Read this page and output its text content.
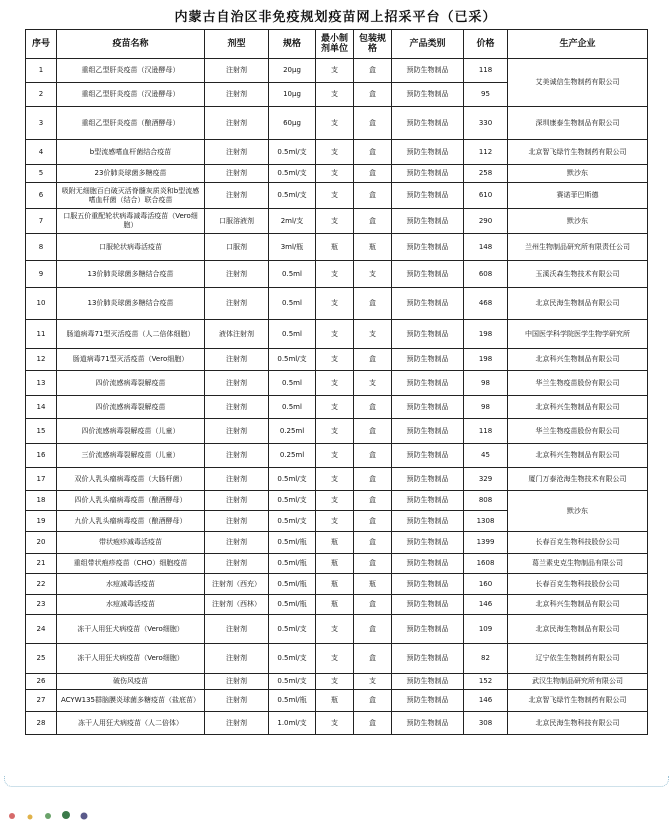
内蒙古自治区非免疫规划疫苗网上招采平台（已采）
序号	疫苗名称	剂型	规格	最小制剂单位	包装规格	产品类别	价格	生产企业
1	重组乙型肝炎疫苗（汉逊酵母）	注射剂	20μg	支	盒	预防生物制品	118	艾美诚信生物制药有限公司
2	重组乙型肝炎疫苗（汉逊酵母）	注射剂	10μg	支	盒	预防生物制品	95	
3	重组乙型肝炎疫苗（酿酒酵母）	注射剂	60μg	支	盒	预防生物制品	330	深圳康泰生物制品有限公司
4	b型流感嗜血杆菌结合疫苗	注射剂	0.5ml/支	支	盒	预防生物制品	112	北京智飞绿竹生物制药有限公司
5	23价肺炎球菌多糖疫苗	注射剂	0.5ml/支	支	盒	预防生物制品	258	默沙东
6	吸附无细胞百白破灭活脊髓灰质炎和b型流感嗜血杆菌（结合）联合疫苗	注射剂	0.5ml/支	支	盒	预防生物制品	610	赛诺菲巴斯德
7	口服五价重配轮状病毒减毒活疫苗（Vero细胞）	口服溶液剂	2ml/支	支	盒	预防生物制品	290	默沙东
8	口服轮状病毒活疫苗	口服剂	3ml/瓶	瓶	瓶	预防生物制品	148	兰州生物制品研究所有限责任公司
9	13价肺炎球菌多糖结合疫苗	注射剂	0.5ml	支	支	预防生物制品	608	玉溪沃森生物技术有限公司
10	13价肺炎球菌多糖结合疫苗	注射剂	0.5ml	支	盒	预防生物制品	468	北京民海生物制品有限公司
11	肠道病毒71型灭活疫苗（人二倍体细胞）	液体注射剂	0.5ml	支	支	预防生物制品	198	中国医学科学院医学生物学研究所
12	肠道病毒71型灭活疫苗（Vero细胞）	注射剂	0.5ml/支	支	盒	预防生物制品	198	北京科兴生物制品有限公司
13	四价流感病毒裂解疫苗	注射剂	0.5ml	支	支	预防生物制品	98	华兰生物疫苗股份有限公司
14	四价流感病毒裂解疫苗	注射剂	0.5ml	支	盒	预防生物制品	98	北京科兴生物制品有限公司
15	四价流感病毒裂解疫苗（儿童）	注射剂	0.25ml	支	盒	预防生物制品	118	华兰生物疫苗股份有限公司
16	三价流感病毒裂解疫苗（儿童）	注射剂	0.25ml	支	盒	预防生物制品	45	北京科兴生物制品有限公司
17	双价人乳头瘤病毒疫苗（大肠杆菌）	注射剂	0.5ml/支	支	盒	预防生物制品	329	厦门万泰沧海生物技术有限公司
18	四价人乳头瘤病毒疫苗（酿酒酵母）	注射剂	0.5ml/支	支	盒	预防生物制品	808	默沙东
19	九价人乳头瘤病毒疫苗（酿酒酵母）	注射剂	0.5ml/支	支	盒	预防生物制品	1308	
20	带状疱疹减毒活疫苗	注射剂	0.5ml/瓶	瓶	盒	预防生物制品	1399	长春百克生物科技股份公司
21	重组带状疱疹疫苗（CHO）细胞疫苗	注射剂	0.5ml/瓶	瓶	盒	预防生物制品	1608	葛兰素史克生物制品有限公司
22	水痘减毒活疫苗	注射剂（西充）	0.5ml/瓶	瓶	瓶	预防生物制品	160	长春百克生物科技股份公司
23	水痘减毒活疫苗	注射剂（西林）	0.5ml/瓶	瓶	盒	预防生物制品	146	北京科兴生物制品有限公司
24	冻干人用狂犬病疫苗（Vero细胞）	注射剂	0.5ml/支	支	盒	预防生物制品	109	北京民海生物制品有限公司
25	冻干人用狂犬病疫苗（Vero细胞）	注射剂	0.5ml/支	支	盒	预防生物制品	82	辽宁依生生物制药有限公司
26	破伤风疫苗	注射剂	0.5ml/支	支	支	预防生物制品	152	武汉生物制品研究所有限公司
27	ACYW135群脑膜炎球菌多糖疫苗（盐底苗）	注射剂	0.5ml/瓶	瓶	盒	预防生物制品	146	北京智飞绿竹生物制药有限公司
28	冻干人用狂犬病疫苗（人二倍体）	注射剂	1.0ml/支	支	盒	预防生物制品	308	北京民海生物科技有限公司
